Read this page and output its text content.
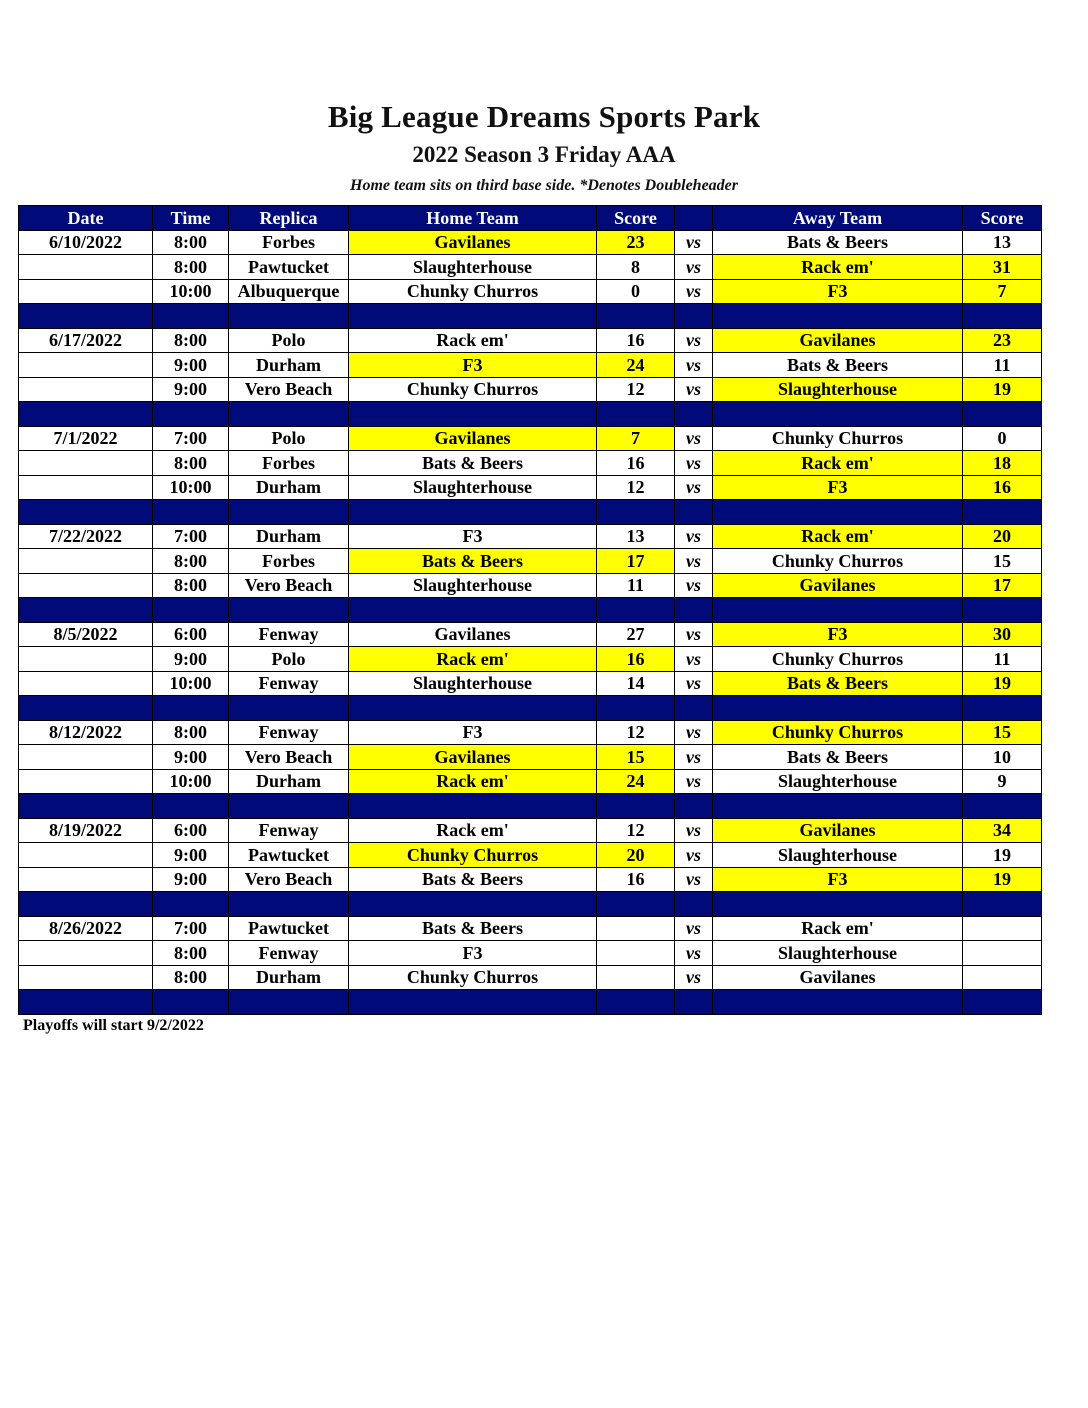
Big League Dreams Sports Park
2022 Season 3 Friday AAA
Home team sits on third base side. *Denotes Doubleheader
Date	Time	Replica	Home Team	Score		Away Team	Score
6/10/2022	8:00	Forbes	Gavilanes	23	vs	Bats & Beers	13
	8:00	Pawtucket	Slaughterhouse	8	vs	Rack em'	31
	10:00	Albuquerque	Chunky Churros	0	vs	F3	7

6/17/2022	8:00	Polo	Rack em'	16	vs	Gavilanes	23
	9:00	Durham	F3	24	vs	Bats & Beers	11
	9:00	Vero Beach	Chunky Churros	12	vs	Slaughterhouse	19

7/1/2022	7:00	Polo	Gavilanes	7	vs	Chunky Churros	0
	8:00	Forbes	Bats & Beers	16	vs	Rack em'	18
	10:00	Durham	Slaughterhouse	12	vs	F3	16

7/22/2022	7:00	Durham	F3	13	vs	Rack em'	20
	8:00	Forbes	Bats & Beers	17	vs	Chunky Churros	15
	8:00	Vero Beach	Slaughterhouse	11	vs	Gavilanes	17

8/5/2022	6:00	Fenway	Gavilanes	27	vs	F3	30
	9:00	Polo	Rack em'	16	vs	Chunky Churros	11
	10:00	Fenway	Slaughterhouse	14	vs	Bats & Beers	19

8/12/2022	8:00	Fenway	F3	12	vs	Chunky Churros	15
	9:00	Vero Beach	Gavilanes	15	vs	Bats & Beers	10
	10:00	Durham	Rack em'	24	vs	Slaughterhouse	9

8/19/2022	6:00	Fenway	Rack em'	12	vs	Gavilanes	34
	9:00	Pawtucket	Chunky Churros	20	vs	Slaughterhouse	19
	9:00	Vero Beach	Bats & Beers	16	vs	F3	19

8/26/2022	7:00	Pawtucket	Bats & Beers		vs	Rack em'	
	8:00	Fenway	F3		vs	Slaughterhouse	
	8:00	Durham	Chunky Churros		vs	Gavilanes	

Playoffs will start 9/2/2022
